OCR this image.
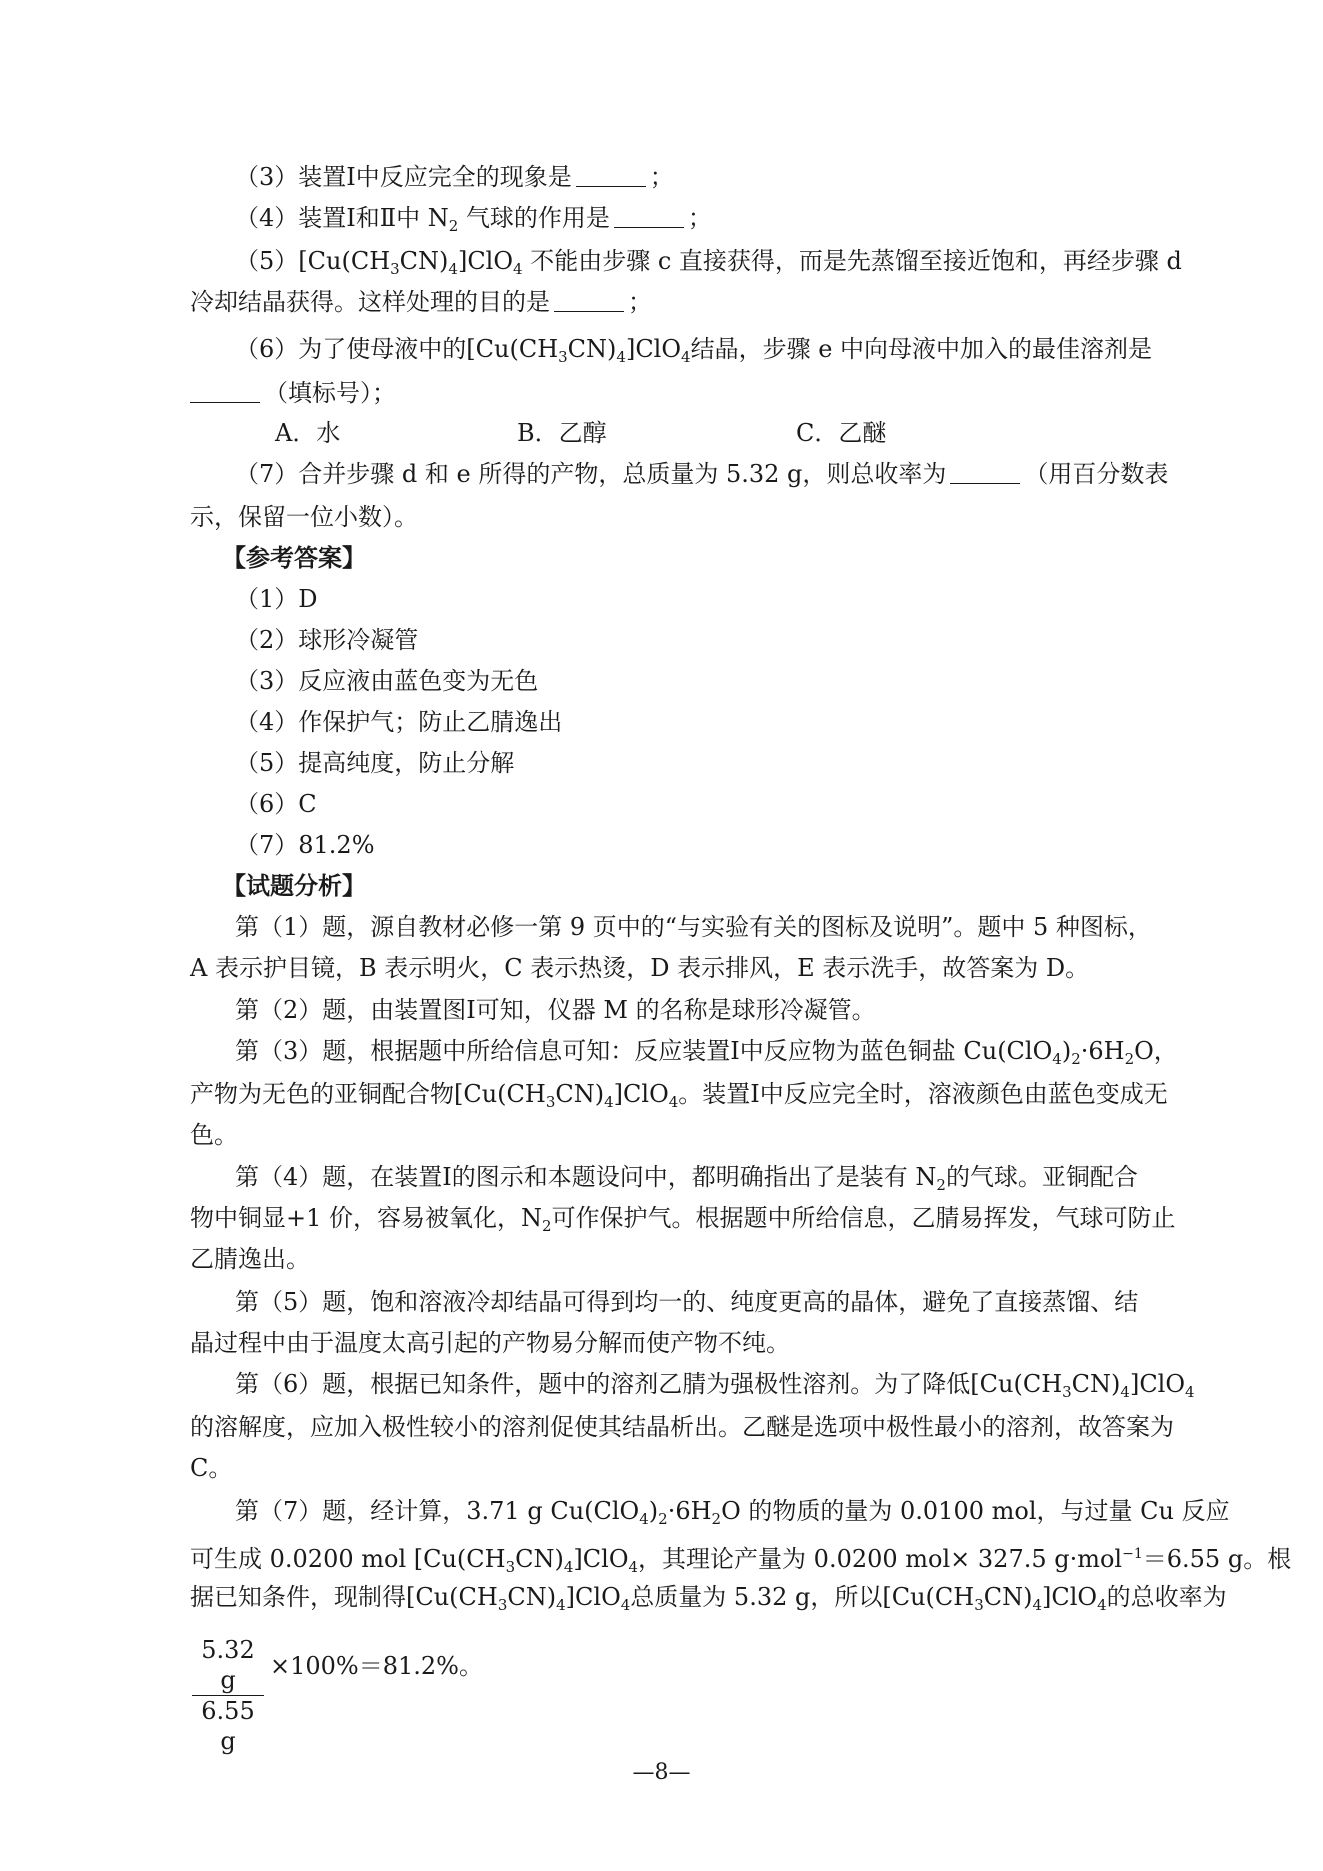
（3）装置Ⅰ中反应完全的现象是	；
（4）装置Ⅰ和Ⅱ中 $N_2$ 气球的作用是	；
$(5)[Cu(CH_3CN)_4]ClO_4$ 不能由步骤 c 直接获得，而是先蒸馏至接近饱和，再经步骤 d
冷却结晶获得。这样处理的目的是	；
（6）为了使母液中的$[Cu(CH_3CN)_4]ClO_4$结晶，步骤 e 中向母液中加入的最佳溶剂是
（填标号）；
A．水	B．乙醇	C．乙醚
（7）合并步骤 d 和 e 所得的产物，总质量为 5.32 g，则总收率为	（用百分数表
示，保留一位小数）。
【参考答案】
（1）D
（2）球形冷凝管
（3）反应液由蓝色变为无色
（4）作保护气；防止乙腈逸出
（5）提高纯度，防止分解
（6）C
（7）81.2%
【试题分析】
第（1）题，源自教材必修一第 9 页中的“与实验有关的图标及说明”。题中 5 种图标，
A 表示护目镜，B 表示明火，C 表示热烫，D 表示排风，E 表示洗手，故答案为 D。
第（2）题，由装置图Ⅰ可知，仪器 M 的名称是球形冷凝管。
第（3）题，根据题中所给信息可知：反应装置Ⅰ中反应物为蓝色铜盐 $Cu(ClO_4)_2\cdot 6H_2O$，
产物为无色的亚铜配合物$[Cu(CH_3CN)_4]ClO_4$。装置Ⅰ中反应完全时，溶液颜色由蓝色变成无
色。
第（4）题，在装置Ⅰ的图示和本题设问中，都明确指出了是装有 $N_2$的气球。亚铜配合
物中铜显+1 价，容易被氧化，$N_2$可作保护气。根据题中所给信息，乙腈易挥发，气球可防止
乙腈逸出。
第（5）题，饱和溶液冷却结晶可得到均一的、纯度更高的晶体，避免了直接蒸馏、结
晶过程中由于温度太高引起的产物易分解而使产物不纯。
第（6）题，根据已知条件，题中的溶剂乙腈为强极性溶剂。为了降低$[Cu(CH_3CN)_4]ClO_4$
的溶解度，应加入极性较小的溶剂促使其结晶析出。乙醚是选项中极性最小的溶剂，故答案为
C。
第（7）题，经计算，3.71 g $Cu(ClO_4)_2\cdot 6H_2O$ 的物质的量为 0.0100 mol，与过量 Cu 反应
可生成 0.0200 mol $[Cu(CH_3CN)_4]ClO_4$，其理论产量为 0.0200 mol× 327.5 g·mol$^{-1}$＝6.55 g。根
据已知条件，现制得$[Cu(CH_3CN)_4]ClO_4$总质量为 5.32 g，所以$[Cu(CH_3CN)_4]ClO_4$的总收率为
5.32 g
6.55 g
×100%＝81.2%。
—8—
